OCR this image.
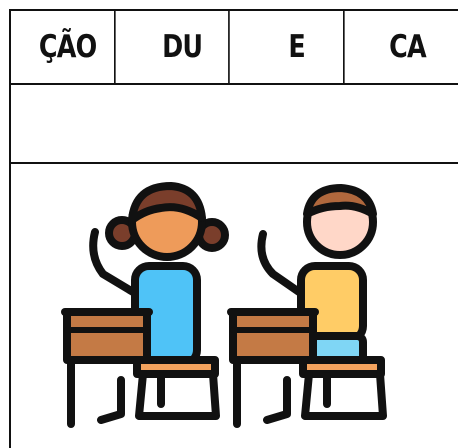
ÇÃO DU	E	CA
